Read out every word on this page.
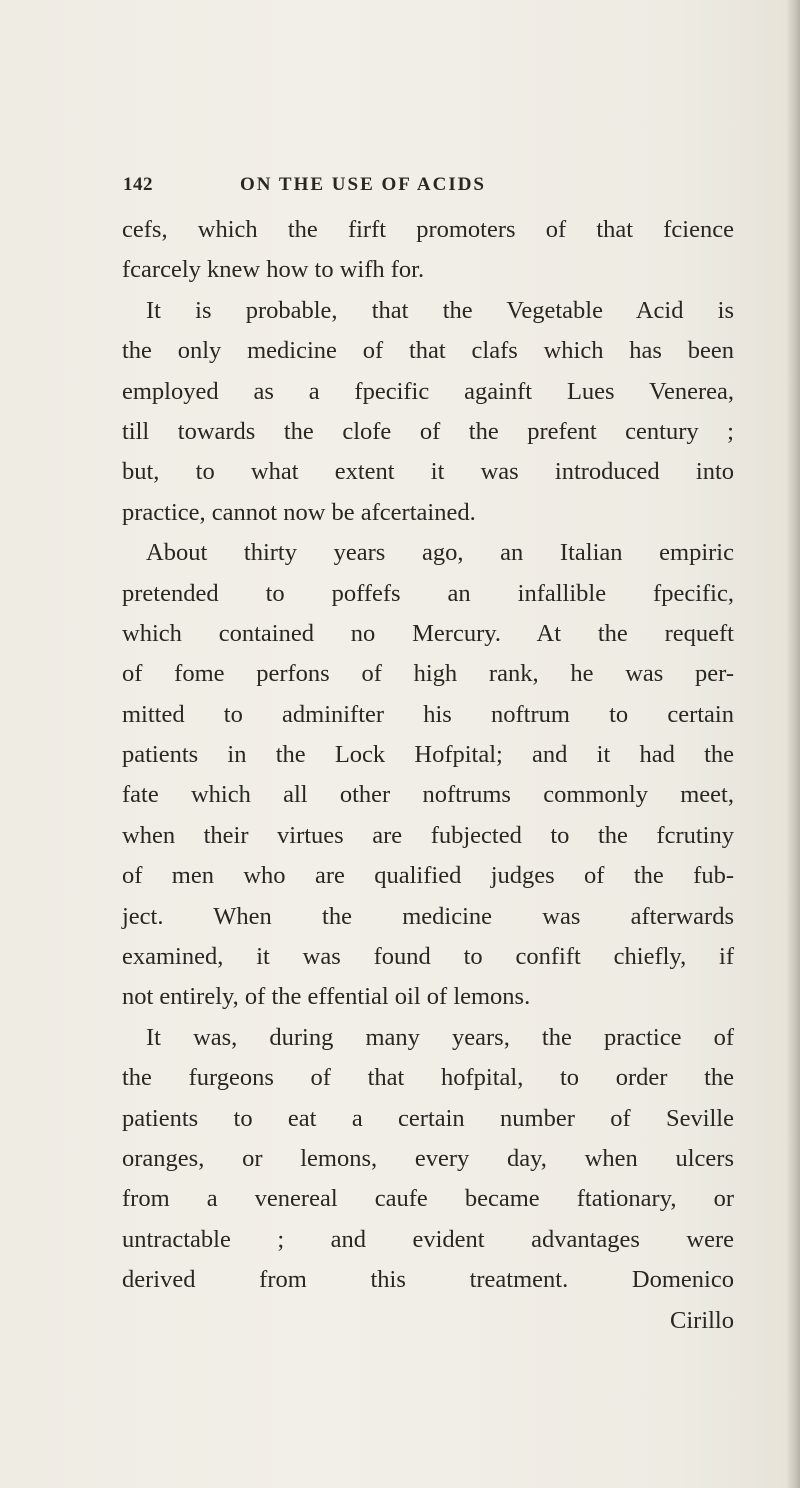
142	ON THE USE OF ACIDS
cefs, which the firft promoters of that fcience
fcarcely knew how to wifh for.
It is probable, that the Vegetable Acid is
the only medicine of that clafs which has been
employed as a fpecific againft Lues Venerea,
till towards the clofe of the prefent century ;
but, to what extent it was introduced into
practice, cannot now be afcertained.
About thirty years ago, an Italian empiric
pretended to poffefs an infallible fpecific,
which contained no Mercury. At the requeft
of fome perfons of high rank, he was per-
mitted to adminifter his noftrum to certain
patients in the Lock Hofpital; and it had the
fate which all other noftrums commonly meet,
when their virtues are fubjected to the fcrutiny
of men who are qualified judges of the fub-
ject. When the medicine was afterwards
examined, it was found to confift chiefly, if
not entirely, of the effential oil of lemons.
It was, during many years, the practice of
the furgeons of that hofpital, to order the
patients to eat a certain number of Seville
oranges, or lemons, every day, when ulcers
from a venereal caufe became ftationary, or
untractable ; and evident advantages were
derived from this treatment. Domenico
Cirillo
